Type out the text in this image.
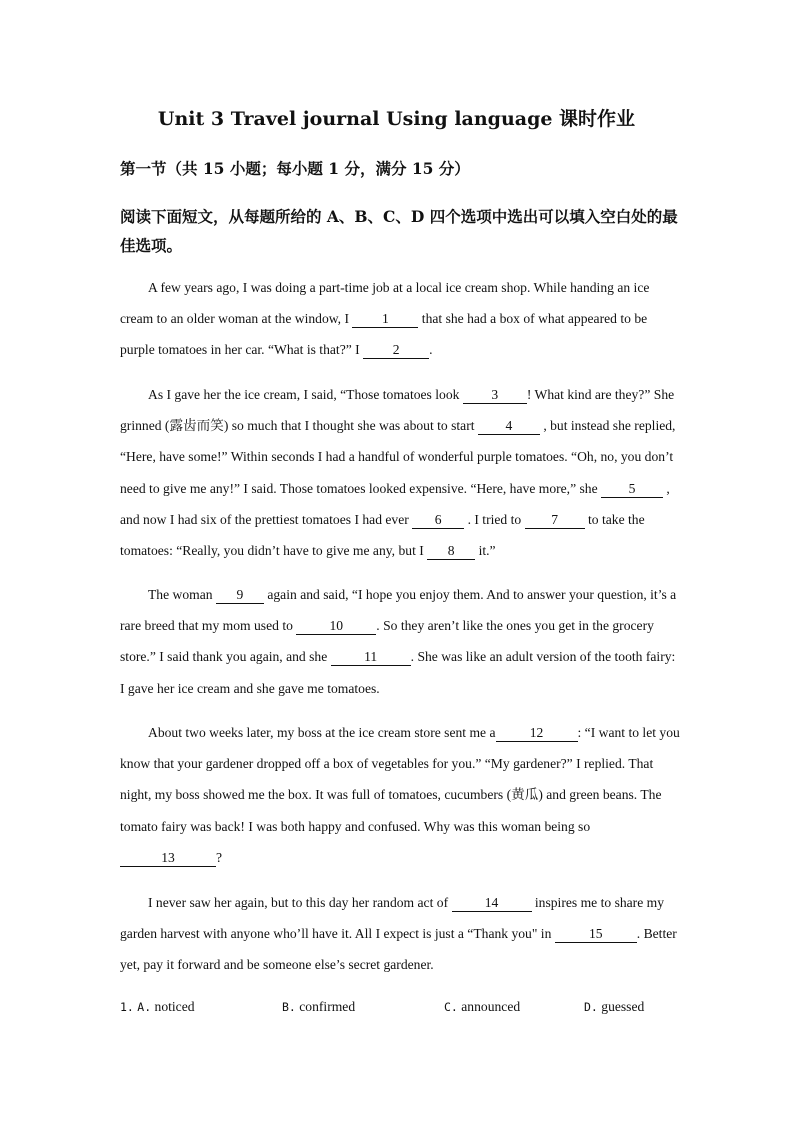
Unit 3 Travel journal Using language 课时作业
第一节（共 15 小题；每小题 1 分，满分 15 分）
阅读下面短文，从每题所给的 A、B、C、D 四个选项中选出可以填入空白处的最佳选项。

A few years ago, I was doing a part-time job at a local ice cream shop. While handing an ice cream to an older woman at the window, I 1 that she had a box of what appeared to be purple tomatoes in her car. “What is that?” I 2 .

As I gave her the ice cream, I said, “Those tomatoes look 3 ! What kind are they?” She grinned (露齿而笑) so much that I thought she was about to start 4 , but instead she replied, “Here, have some!” Within seconds I had a handful of wonderful purple tomatoes. “Oh, no, you don’t need to give me any!” I said. Those tomatoes looked expensive. “Here, have more,” she 5 , and now I had six of the prettiest tomatoes I had ever 6 . I tried to 7 to take the tomatoes: “Really, you didn’t have to give me any, but I 8 it.”

The woman 9 again and said, “I hope you enjoy them. And to answer your question, it’s a rare breed that my mom used to 10 . So they aren’t like the ones you get in the grocery store.” I said thank you again, and she 11 . She was like an adult version of the tooth fairy: I gave her ice cream and she gave me tomatoes.

About two weeks later, my boss at the ice cream store sent me a	12	: “I want to let you know that your gardener dropped off a box of vegetables for you.” “My gardener?” I replied. That night, my boss showed me the box. It was full of tomatoes, cucumbers (黄瓜) and green beans. The tomato fairy was back! I was both happy and confused. Why was this woman being so13	?

I never saw her again, but to this day her random act of 14 inspires me to share my garden harvest with anyone who’ll have it. All I expect is just a “Thank you" in	15	. Better yet, pay it forward and be someone else’s secret gardener.

1. A. noticed	B. confirmed	C. announced	D. guessed
